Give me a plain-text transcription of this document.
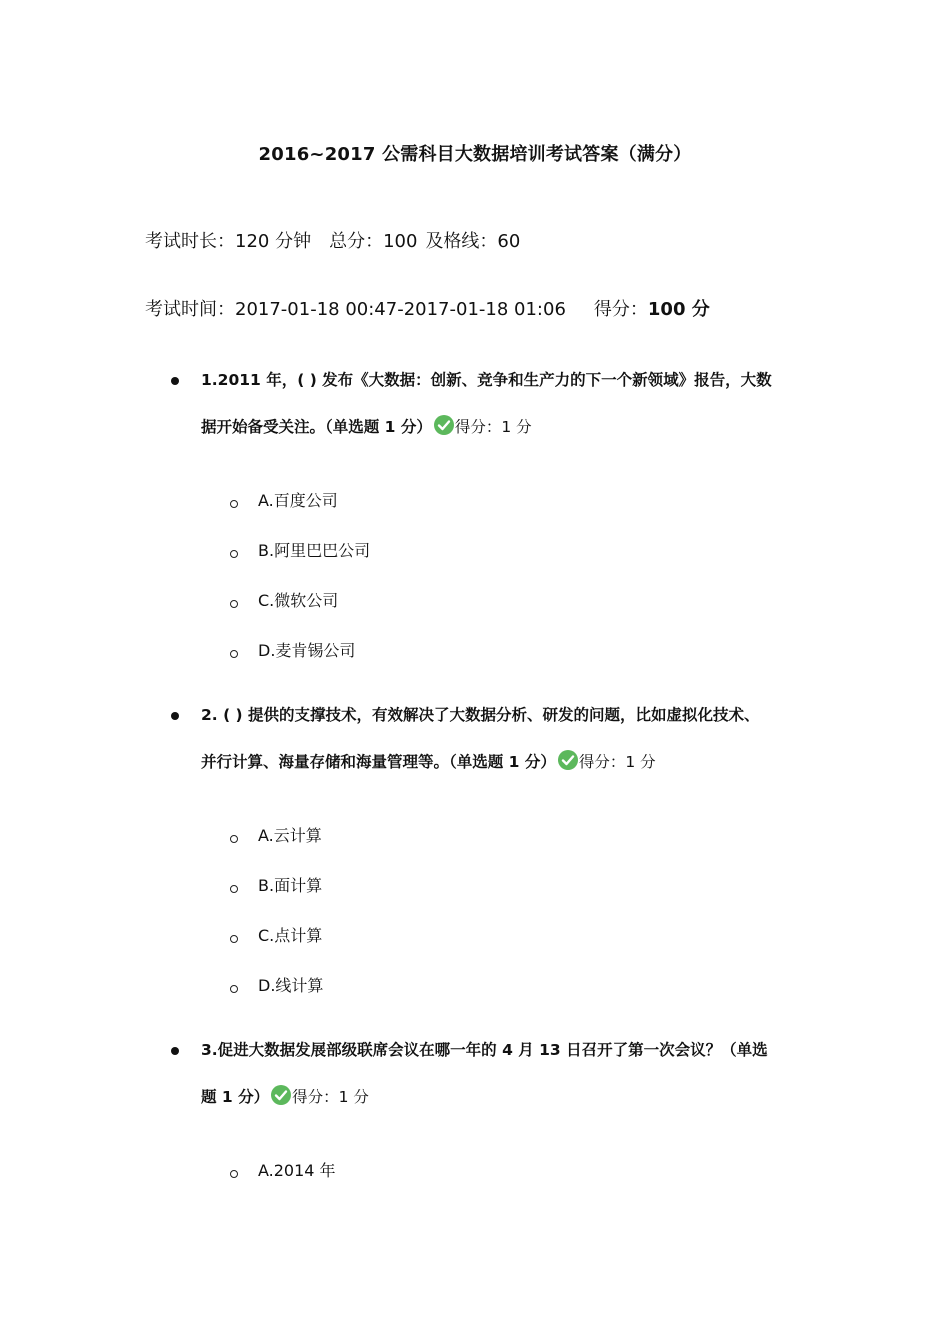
2016~2017 公需科目大数据培训考试答案（满分）
考试时长：120 分钟 总分：100 及格线：60
考试时间：2017-01-18 00:47-2017-01-18 01:06 得分：100 分
1.2011 年，( ) 发布《大数据：创新、竞争和生产力的下一个新领域》报告，大数
据开始备受关注。（单选题 1 分） 得分：1 分
A.百度公司
B.阿里巴巴公司
C.微软公司
D.麦肯锡公司
2. ( ) 提供的支撑技术，有效解决了大数据分析、研发的问题，比如虚拟化技术、
并行计算、海量存储和海量管理等。（单选题 1 分） 得分：1 分
A.云计算
B.面计算
C.点计算
D.线计算
3.促进大数据发展部级联席会议在哪一年的 4 月 13 日召开了第一次会议？（单选
题 1 分） 得分：1 分
A.2014 年
